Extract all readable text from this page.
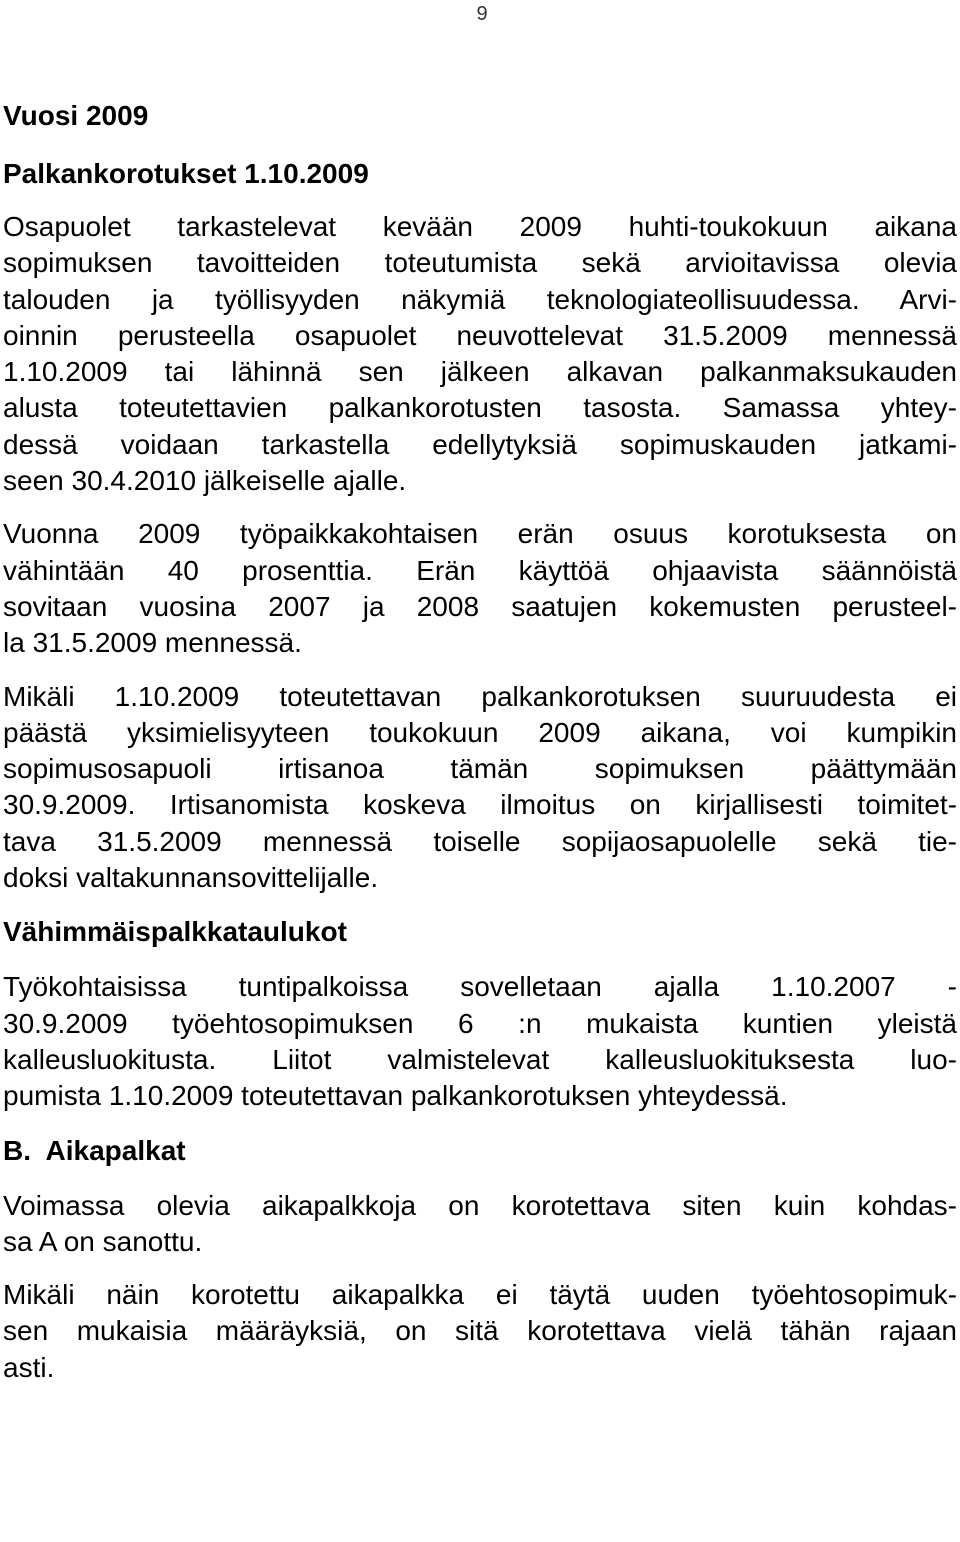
9
Vuosi 2009
Palkankorotukset 1.10.2009
Osapuolet tarkastelevat kevään 2009 huhti-toukokuun aikana
sopimuksen tavoitteiden toteutumista sekä arvioitavissa olevia
talouden ja työllisyyden näkymiä teknologiateollisuudessa. Arvi-
oinnin perusteella osapuolet neuvottelevat 31.5.2009 mennessä
1.10.2009 tai lähinnä sen jälkeen alkavan palkanmaksukauden
alusta toteutettavien palkankorotusten tasosta. Samassa yhtey-
dessä voidaan tarkastella edellytyksiä sopimuskauden jatkami-
seen 30.4.2010 jälkeiselle ajalle.
Vuonna 2009 työpaikkakohtaisen erän osuus korotuksesta on
vähintään 40 prosenttia. Erän käyttöä ohjaavista säännöistä
sovitaan vuosina 2007 ja 2008 saatujen kokemusten perusteel-
la 31.5.2009 mennessä.
Mikäli 1.10.2009 toteutettavan palkankorotuksen suuruudesta ei
päästä yksimielisyyteen toukokuun 2009 aikana, voi kumpikin
sopimusosapuoli irtisanoa tämän sopimuksen päättymään
30.9.2009. Irtisanomista koskeva ilmoitus on kirjallisesti toimitet-
tava 31.5.2009 mennessä toiselle sopijaosapuolelle sekä tie-
doksi valtakunnansovittelijalle.
Vähimmäispalkkataulukot
Työkohtaisissa tuntipalkoissa sovelletaan ajalla 1.10.2007 -
30.9.2009 työehtosopimuksen 6 :n mukaista kuntien yleistä
kalleusluokitusta. Liitot valmistelevat kalleusluokituksesta luo-
pumista 1.10.2009 toteutettavan palkankorotuksen yhteydessä.
B.  Aikapalkat
Voimassa olevia aikapalkkoja on korotettava siten kuin kohdas-
sa A on sanottu.
Mikäli näin korotettu aikapalkka ei täytä uuden työehtosopimuk-
sen mukaisia määräyksiä, on sitä korotettava vielä tähän rajaan
asti.
